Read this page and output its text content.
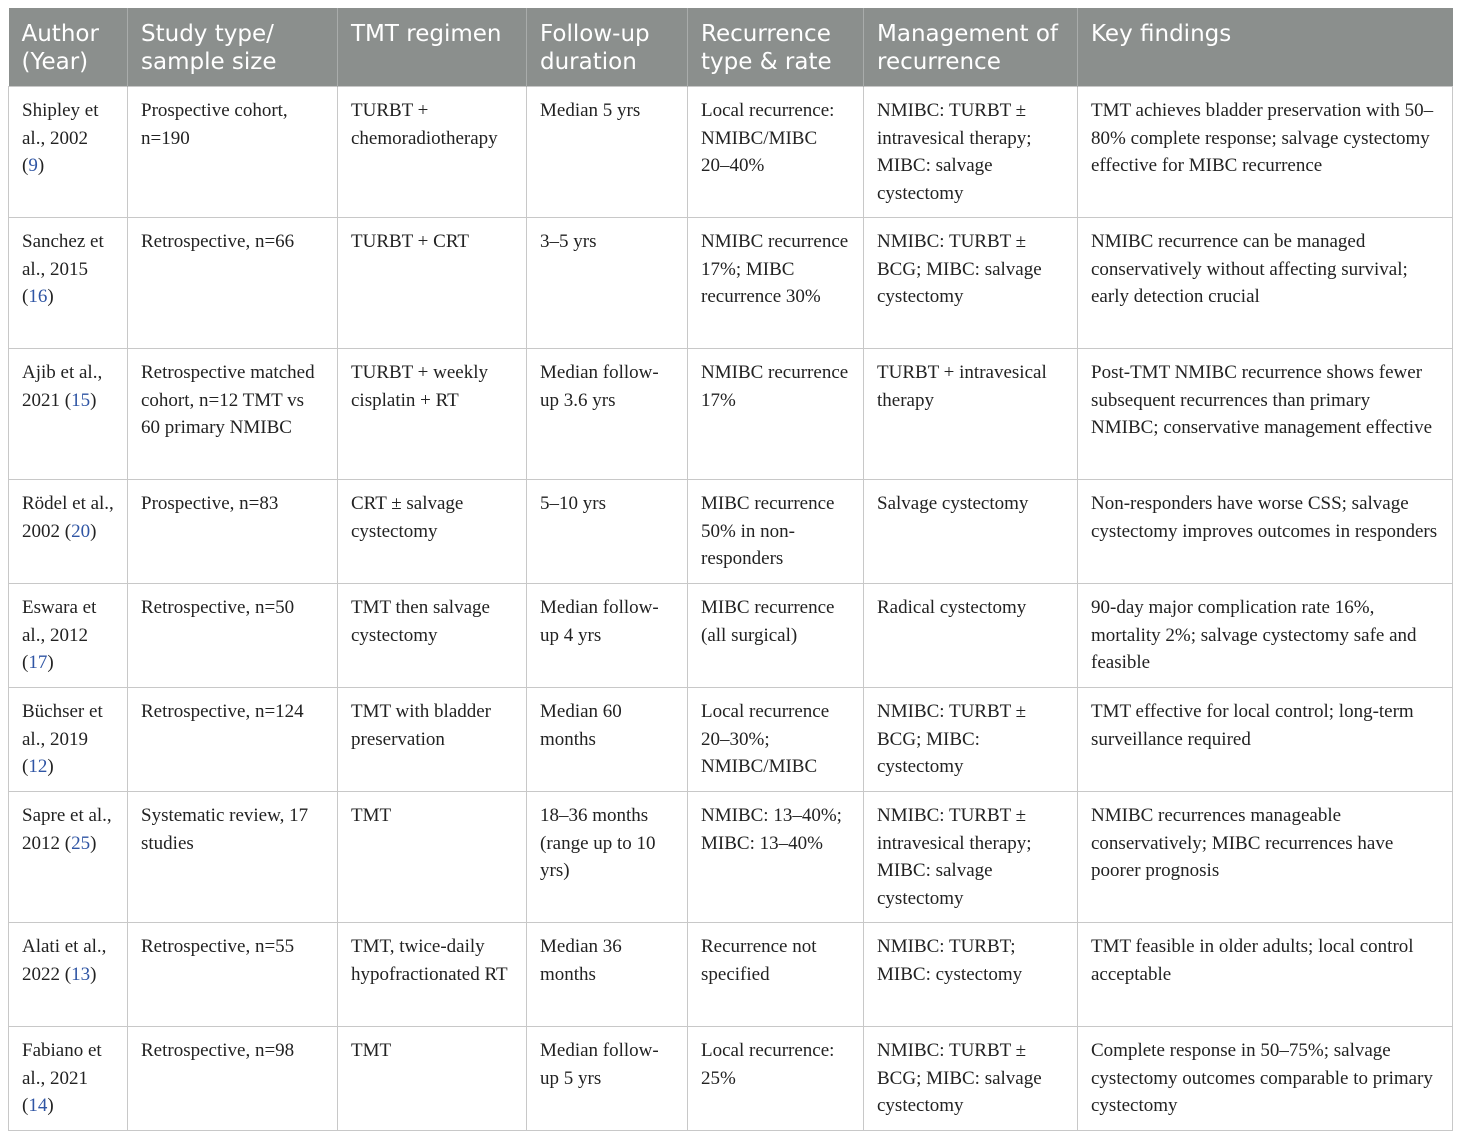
Author (Year)	Study type/ sample size	TMT regimen	Follow-up duration	Recurrence type & rate	Management of recurrence	Key findings
Shipley et al., 2002 (9)	Prospective cohort, n=190	TURBT + chemoradiotherapy	Median 5 yrs	Local recurrence: NMIBC/MIBC 20–40%	NMIBC: TURBT ± intravesical therapy; MIBC: salvage cystectomy	TMT achieves bladder preservation with 50–80% complete response; salvage cystectomy effective for MIBC recurrence
Sanchez et al., 2015 (16)	Retrospective, n=66	TURBT + CRT	3–5 yrs	NMIBC recurrence 17%; MIBC recurrence 30%	NMIBC: TURBT ± BCG; MIBC: salvage cystectomy	NMIBC recurrence can be managed conservatively without affecting survival; early detection crucial
Ajib et al., 2021 (15)	Retrospective matched cohort, n=12 TMT vs 60 primary NMIBC	TURBT + weekly cisplatin + RT	Median follow-up 3.6 yrs	NMIBC recurrence 17%	TURBT + intravesical therapy	Post-TMT NMIBC recurrence shows fewer subsequent recurrences than primary NMIBC; conservative management effective
Rödel et al., 2002 (20)	Prospective, n=83	CRT ± salvage cystectomy	5–10 yrs	MIBC recurrence 50% in non-responders	Salvage cystectomy	Non-responders have worse CSS; salvage cystectomy improves outcomes in responders
Eswara et al., 2012 (17)	Retrospective, n=50	TMT then salvage cystectomy	Median follow-up 4 yrs	MIBC recurrence (all surgical)	Radical cystectomy	90-day major complication rate 16%, mortality 2%; salvage cystectomy safe and feasible
Büchser et al., 2019 (12)	Retrospective, n=124	TMT with bladder preservation	Median 60 months	Local recurrence 20–30%; NMIBC/MIBC	NMIBC: TURBT ± BCG; MIBC: cystectomy	TMT effective for local control; long-term surveillance required
Sapre et al., 2012 (25)	Systematic review, 17 studies	TMT	18–36 months (range up to 10 yrs)	NMIBC: 13–40%; MIBC: 13–40%	NMIBC: TURBT ± intravesical therapy; MIBC: salvage cystectomy	NMIBC recurrences manageable conservatively; MIBC recurrences have poorer prognosis
Alati et al., 2022 (13)	Retrospective, n=55	TMT, twice-daily hypofractionated RT	Median 36 months	Recurrence not specified	NMIBC: TURBT; MIBC: cystectomy	TMT feasible in older adults; local control acceptable
Fabiano et al., 2021 (14)	Retrospective, n=98	TMT	Median follow-up 5 yrs	Local recurrence: 25%	NMIBC: TURBT ± BCG; MIBC: salvage cystectomy	Complete response in 50–75%; salvage cystectomy outcomes comparable to primary cystectomy
